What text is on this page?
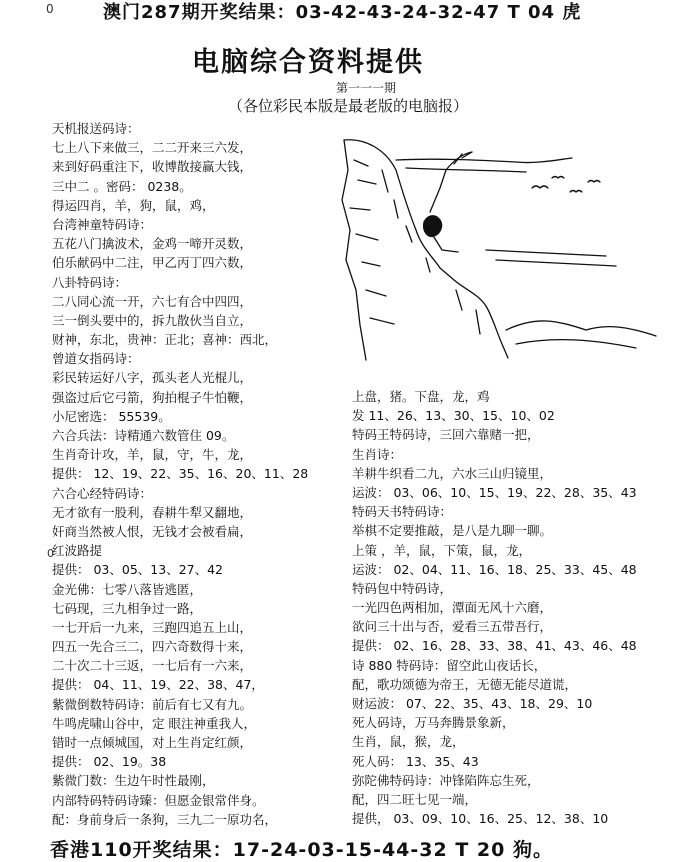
0	澳门287期开奖结果：03-42-43-24-32-47 T 04 虎
电脑综合资料提供
第一一一期
（各位彩民本版是最老版的电脑报）
天机报送码诗：
七上八下来做三，二二开来三六发，
来到好码重注下，收博散接赢大钱，
三中二 。密码： 0238。
得运四肖，羊，狗，鼠，鸡，
台湾神童特码诗：
五花八门擒波术，金鸡一啼开灵数，
伯乐献码中二注，甲乙丙丁四六数，
八卦特码诗：
二八同心流一开，六七有合中四四，
三一倒头要中的，拆九散伙当自立，
财神，东北，贵神：正北；喜神：西北，
曾道女指码诗：
彩民转运好八字，孤头老人光棍儿，
强盗过后它弓箭，狗拍棍子牛怕鞭，
小尼密选： 55539。
六合兵法：诗精通六数管住 09。
生肖奇计攻，羊，鼠，守，牛，龙，
提供： 12、19、22、35、16、20、11、28
六合心经特码诗：
无才欲有一股利，春耕牛犁又翻地，
奸商当然被人恨，无钱才会被看扁，
红波路提
提供： 03、05、13、27、42
金光佛：七零八落皆逃匿，
七码现，三九相争过一路，
一七开后一九来，三跑四追五上山，
四五一先合三二，四六奇数得十来，
二十次二十三返，一七后有一六来，
提供： 04、11、19、22、38、47，
紫微倒数特码诗：前后有七又有九。
牛鸣虎啸山谷中，定 眼注神重我人，
错时一点倾城国，对上生肖定红颜，
提供： 02、19。38
紫微门数：生边午时性最刚，
内部特码特码诗臻：但愿金银常伴身。
配：身前身后一条狗，三九二一原功名，
上盘，猪。下盘，龙，鸡
发 11、26、13、30、15、10、02
特码王特码诗，三回六靠赌一把，
生肖诗：
羊耕牛织看二九，六水三山归镜里，
运波： 03、06、10、15、19、22、28、35、43
特码天书特码诗：
举棋不定要推敲，是八是九聊一聊。
上策 ，羊，鼠，下策，鼠，龙，
运波： 02、04、11、16、18、25、33、45、48
特码包中特码诗，
一光四色两相加，潭面无风十六磨，
欲问三十出与否，爱看三五带吾行，
提供： 02、16、28、33、38、41、43、46、48
诗 880 特码诗：留空此山夜话长，
配，歌功颂德为帝王，无德无能尽道谎，
财运波： 07、22、35、43、18、29、10
死人码诗，万马奔腾景象新，
生肖，鼠，猴，龙，
死人码： 13、35、43
弥陀佛特码诗：冲锋陷阵忘生死，
配，四二旺七见一端，
提供， 03、09、10、16、25、12、38、10
0
香港110开奖结果：17-24-03-15-44-32 T 20 狗。
